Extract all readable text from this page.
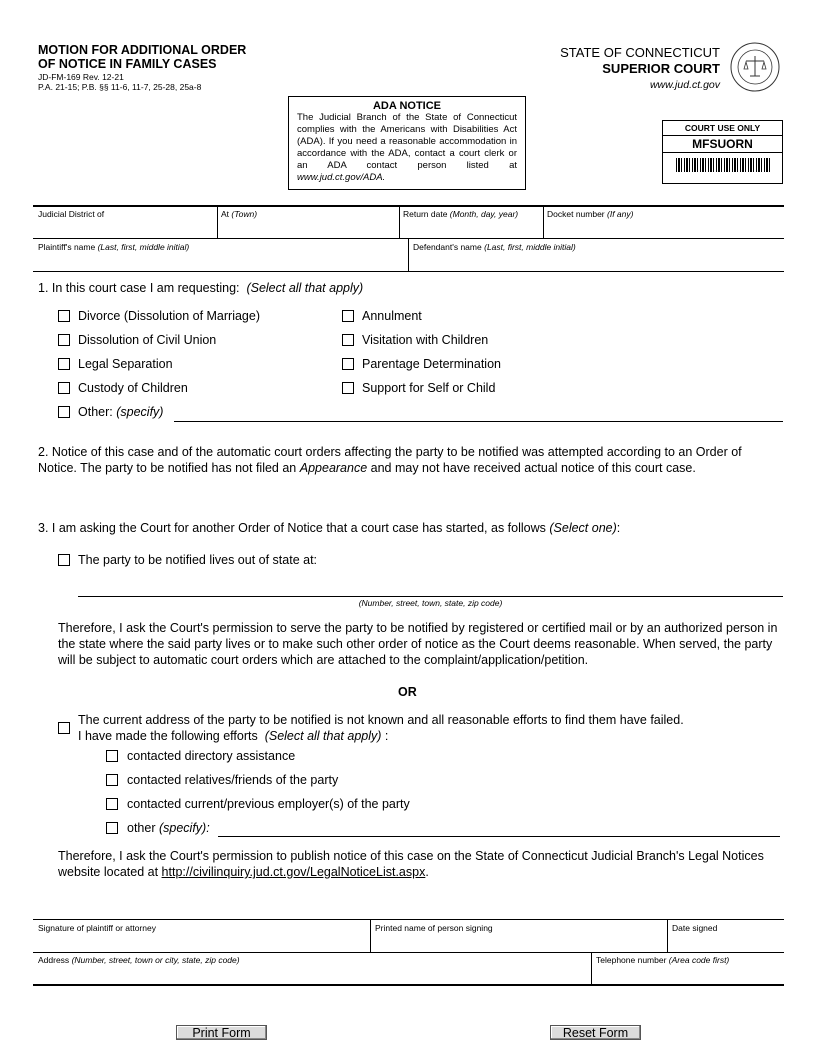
MOTION FOR ADDITIONAL ORDER
OF NOTICE IN FAMILY CASES
JD-FM-169 Rev. 12-21
P.A. 21-15; P.B. §§ 11-6, 11-7, 25-28, 25a-8
STATE OF CONNECTICUT
SUPERIOR COURT
www.jud.ct.gov
ADA NOTICE
The Judicial Branch of the State of Connecticut complies with the Americans with Disabilities Act (ADA). If you need a reasonable accommodation in accordance with the ADA, contact a court clerk or an ADA contact person listed at www.jud.ct.gov/ADA.
COURT USE ONLY
MFSUORN
Judicial District of	At (Town)	Return date (Month, day, year)	Docket number (If any)
Plaintiff's name (Last, first, middle initial)	Defendant's name (Last, first, middle initial)
1. In this court case I am requesting: (Select all that apply)
Divorce (Dissolution of Marriage)
Dissolution of Civil Union
Legal Separation
Custody of Children
Annulment
Visitation with Children
Parentage Determination
Support for Self or Child
Other: (specify)
2. Notice of this case and of the automatic court orders affecting the party to be notified was attempted according to an Order of Notice. The party to be notified has not filed an Appearance and may not have received actual notice of this court case.
3. I am asking the Court for another Order of Notice that a court case has started, as follows (Select one):
The party to be notified lives out of state at:
(Number, street, town, state, zip code)
Therefore, I ask the Court's permission to serve the party to be notified by registered or certified mail or by an authorized person in the state where the said party lives or to make such other order of notice as the Court deems reasonable. When served, the party will be subject to automatic court orders which are attached to the complaint/application/petition.
OR
The current address of the party to be notified is not known and all reasonable efforts to find them have failed.
I have made the following efforts (Select all that apply) :
contacted directory assistance
contacted relatives/friends of the party
contacted current/previous employer(s) of the party
other (specify):
Therefore, I ask the Court's permission to publish notice of this case on the State of Connecticut Judicial Branch's Legal Notices website located at http://civilinquiry.jud.ct.gov/LegalNoticeList.aspx.
Signature of plaintiff or attorney	Printed name of person signing	Date signed
Address (Number, street, town or city, state, zip code)	Telephone number (Area code first)
Print Form	Reset Form
